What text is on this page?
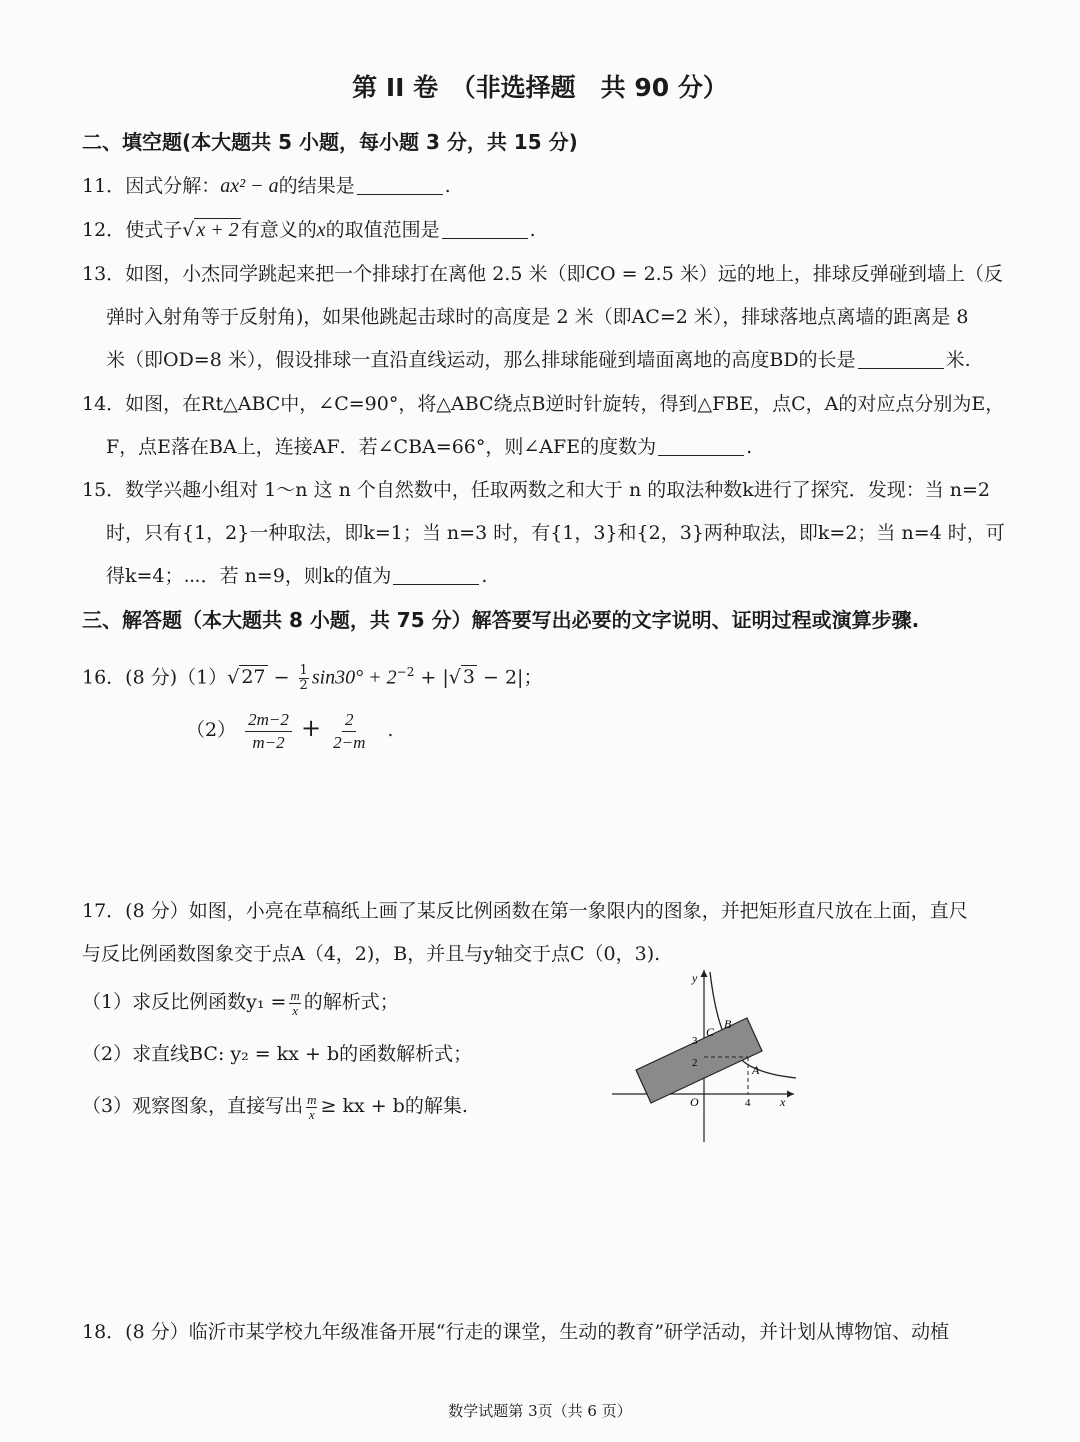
第 II 卷　（非选择题　共 90 分）
二、填空题(本大题共 5 小题，每小题 3 分，共 15 分)
11．因式分解：ax² − a的结果是	.
12．使式子√ x + 2 有意义的x的取值范围是	.
13．如图，小杰同学跳起来把一个排球打在离他 2.5 米（即CO = 2.5 米）远的地上，排球反弹碰到墙上（反
弹时入射角等于反射角)，如果他跳起击球时的高度是 2 米（即AC=2 米），排球落地点离墙的距离是 8
米（即OD=8 米），假设排球一直沿直线运动，那么排球能碰到墙面离地的高度BD的长是	米.
14．如图，在Rt△ABC中，∠C=90°，将△ABC绕点B逆时针旋转，得到△FBE，点C，A的对应点分别为E，
F，点E落在BA上，连接AF．若∠CBA=66°，则∠AFE的度数为	.
15．数学兴趣小组对 1～n 这 n 个自然数中，任取两数之和大于 n 的取法种数k进行了探究．发现：当 n=2
时，只有{1，2}一种取法，即k=1；当 n=3 时，有{1，3}和{2，3}两种取法，即k=2；当 n=4 时，可
得k=4；⋯．若 n=9，则k的值为	.
三、解答题（本大题共 8 小题，共 75 分）解答要写出必要的文字说明、证明过程或演算步骤.
16．(8 分)（1）√ $27 - \frac{1}{2} \sin 30^\circ + 2^{-2}$ + |√ 3 − 2|；
$(2) \frac{2m-2}{m-2} + \frac{2}{2-m}$ .
17．(8 分）如图，小亮在草稿纸上画了某反比例函数在第一象限内的图象，并把矩形直尺放在上面，直尺
与反比例函数图象交于点A（4，2)，B，并且与y轴交于点C（0，3).
（1）求反比例函数$y_1 = \frac{m}{x}$ 的解析式；
（2）求直线BC: y₂ = kx + b的函数解析式；
（3）观察图象，直接写出 $\frac{m}{x}$ ≥ kx + b的解集.
y
x
O
A
B
C
2
3
4
18．(8 分）临沂市某学校九年级准备开展“行走的课堂，生动的教育”研学活动，并计划从博物馆、动植
数学试题第 3页（共 6 页）
